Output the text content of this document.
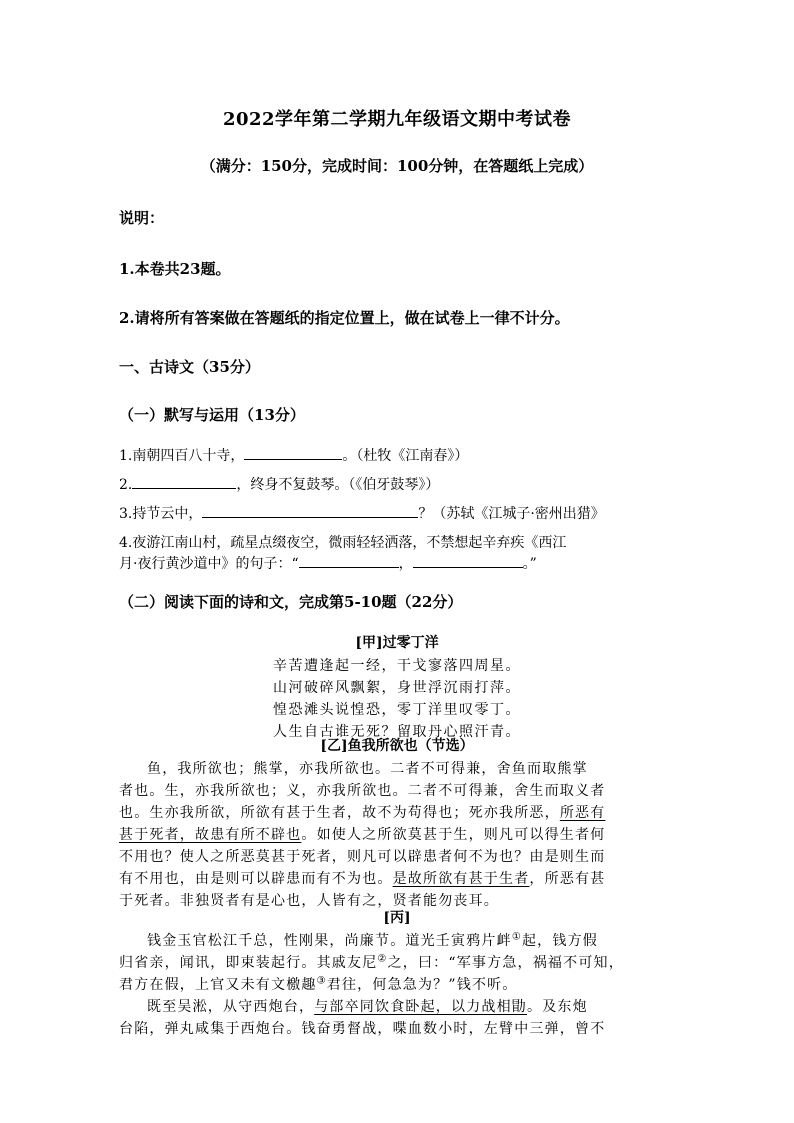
2022学年第二学期九年级语文期中考试卷
（满分：150分，完成时间：100分钟，在答题纸上完成）
说明：
1.本卷共23题。
2.请将所有答案做在答题纸的指定位置上，做在试卷上一律不计分。
一、古诗文（35分）
（一）默写与运用（13分）
1.南朝四百八十寺，	。（杜牧《江南春》）
2.	，终身不复鼓琴。（《伯牙鼓琴》）
3.持节云中，	？（苏轼《江城子·密州出猎》
4.夜游江南山村，疏星点缀夜空，微雨轻轻洒落，不禁想起辛弃疾《西江
月·夜行黄沙道中》的句子：“	，	。”
（二）阅读下面的诗和文，完成第5-10题（22分）
[甲]过零丁洋
辛苦遭逢起一经，干戈寥落四周星。
山河破碎风飘絮，身世浮沉雨打萍。
惶恐滩头说惶恐，零丁洋里叹零丁。
人生自古谁无死？留取丹心照汗青。
[乙]鱼我所欲也（节选）
鱼，我所欲也；熊掌，亦我所欲也。二者不可得兼，舍鱼而取熊掌
者也。生，亦我所欲也；义，亦我所欲也。二者不可得兼，舍生而取义者
也。生亦我所欲，所欲有甚于生者，故不为苟得也；死亦我所恶，所恶有
甚于死者，故患有所不辟也。如使人之所欲莫甚于生，则凡可以得生者何
不用也？使人之所恶莫甚于死者，则凡可以辟患者何不为也？由是则生而
有不用也，由是则可以辟患而有不为也。是故所欲有甚于生者，所恶有甚
于死者。非独贤者有是心也，人皆有之，贤者能勿丧耳。
[丙]
钱金玉官松江千总，性刚果，尚廉节。道光壬寅鸦片衅①起，钱方假
归省亲，闻讯，即束装起行。其戚友尼②之，曰：“军事方急，祸福不可知，
君方在假，上官又未有文檄趣③君往，何急急为？”钱不听。
既至吴淞，从守西炮台，与部卒同饮食卧起，以力战相勖。及东炮
台陷，弹丸咸集于西炮台。钱奋勇督战，喋血数小时，左臂中三弹，曾不
